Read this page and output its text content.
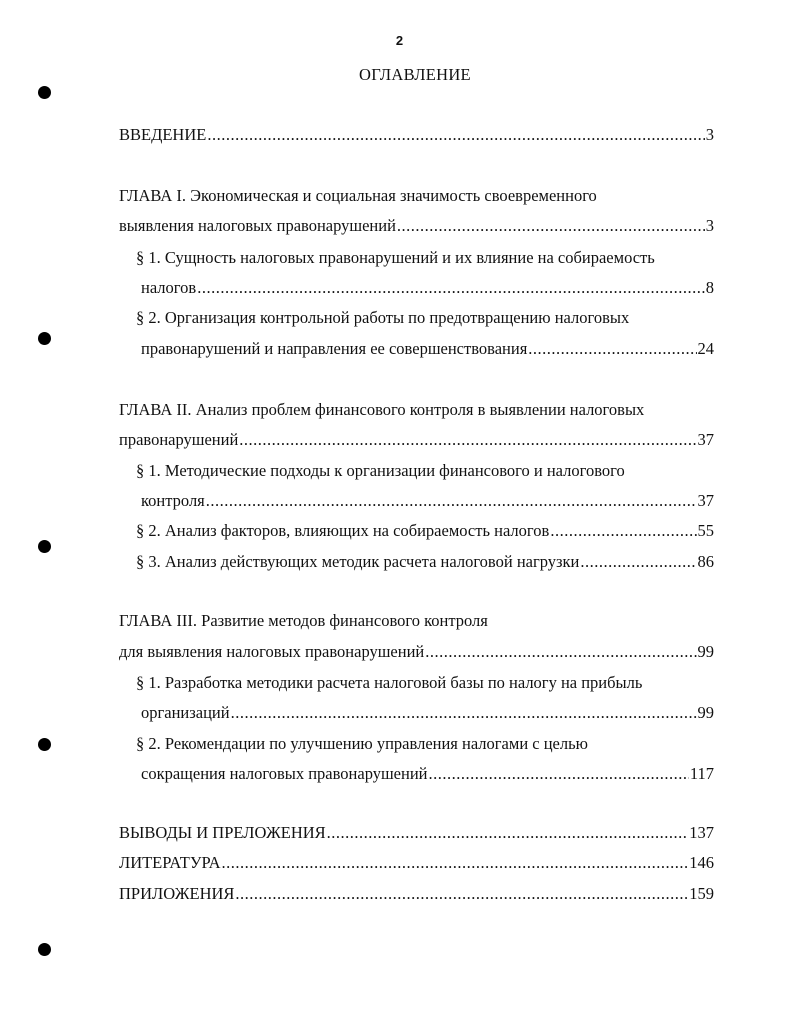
2
ОГЛАВЛЕНИЕ
ВВЕДЕНИЕ .....	3
ГЛАВА I. Экономическая и социальная значимость своевременного
выявления налоговых правонарушений .....	3
§ 1. Сущность налоговых правонарушений и их влияние на собираемость
налогов .....	8
§ 2. Организация контрольной работы по предотвращению налоговых
правонарушений и направления ее совершенствования .....	24
ГЛАВА II. Анализ проблем финансового контроля в выявлении налоговых
правонарушений .....	37
§ 1. Методические подходы к организации финансового и налогового
контроля .....	37
§ 2. Анализ факторов, влияющих на собираемость налогов .....	55
§ 3. Анализ действующих методик расчета налоговой нагрузки .....	86
ГЛАВА III. Развитие методов финансового контроля
для выявления налоговых правонарушений .....	99
§ 1. Разработка методики расчета налоговой базы по налогу на прибыль
организаций .....	99
§ 2. Рекомендации по улучшению управления налогами с целью
сокращения налоговых правонарушений .....	117
ВЫВОДЫ И ПРЕЛОЖЕНИЯ .....	137
ЛИТЕРАТУРА .....	146
ПРИЛОЖЕНИЯ .....	159
